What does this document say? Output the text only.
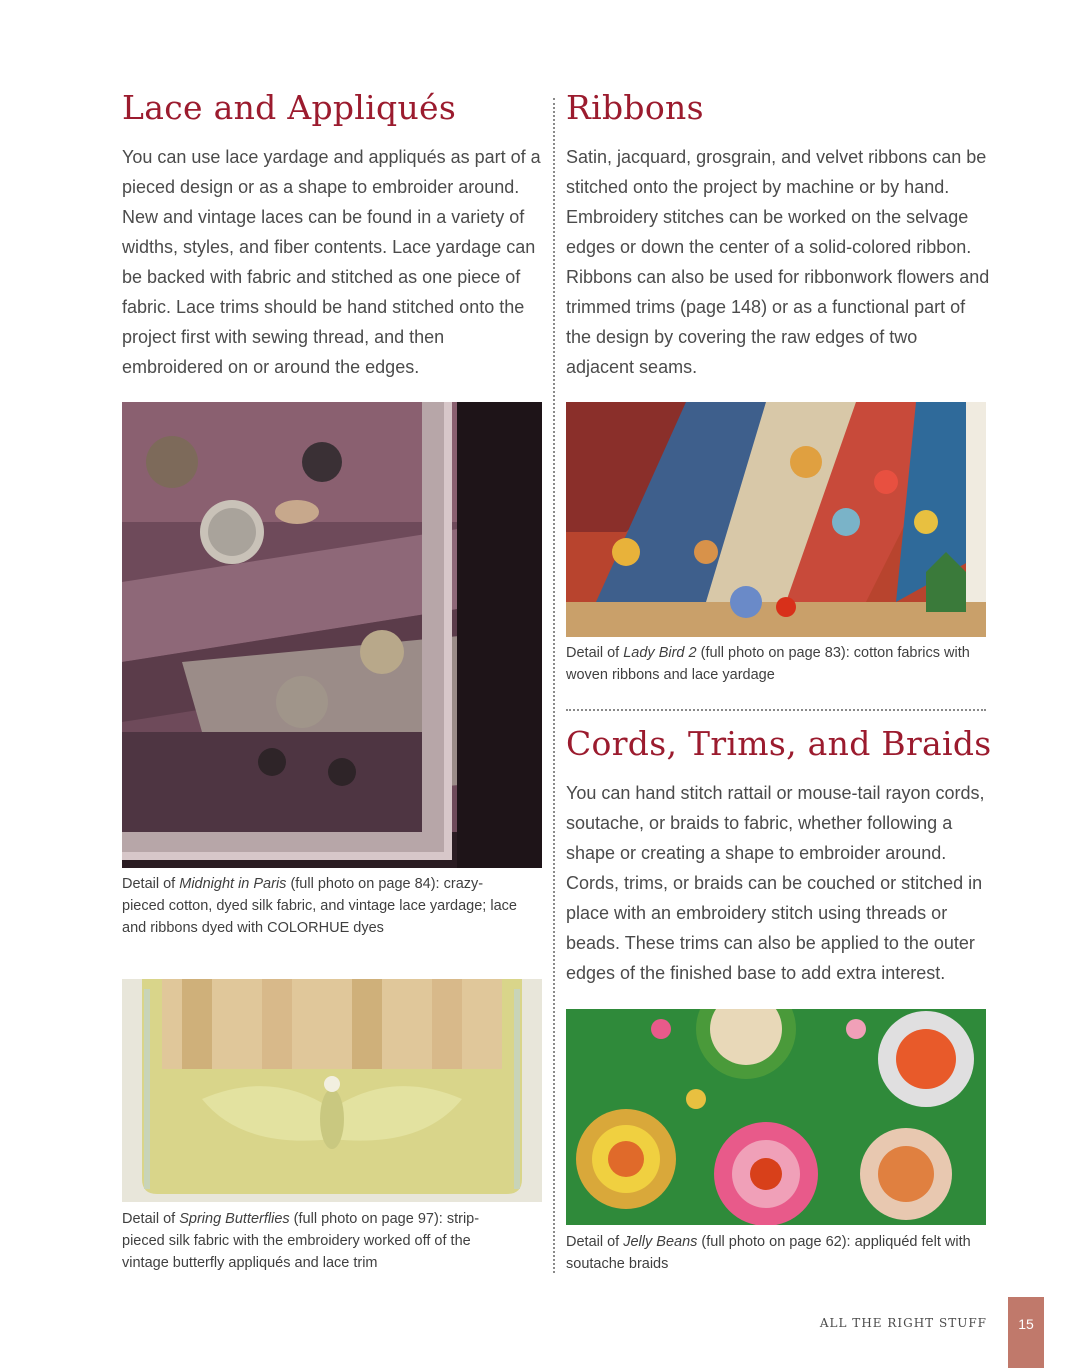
Lace and Appliqués

You can use lace yardage and appliqués as part of a pieced design or as a shape to embroider around. New and vintage laces can be found in a variety of widths, styles, and fiber contents. Lace yardage can be backed with fabric and stitched as one piece of fabric. Lace trims should be hand stitched onto the project first with sewing thread, and then embroidered on or around the edges.

Detail of Midnight in Paris (full photo on page 84): crazy-pieced cotton, dyed silk fabric, and vintage lace yardage; lace and ribbons dyed with COLORHUE dyes

Detail of Spring Butterflies (full photo on page 97): strip-pieced silk fabric with the embroidery worked off of the vintage butterfly appliqués and lace trim

Ribbons

Satin, jacquard, grosgrain, and velvet ribbons can be stitched onto the project by machine or by hand. Embroidery stitches can be worked on the selvage edges or down the center of a solid-colored ribbon. Ribbons can also be used for ribbonwork flowers and trimmed trims (page 148) or as a functional part of the design by covering the raw edges of two adjacent seams.

Detail of Lady Bird 2 (full photo on page 83): cotton fabrics with woven ribbons and lace yardage

Cords, Trims, and Braids

You can hand stitch rattail or mouse-tail rayon cords, soutache, or braids to fabric, whether following a shape or creating a shape to embroider around. Cords, trims, or braids can be couched or stitched in place with an embroidery stitch using threads or beads. These trims can also be applied to the outer edges of the finished base to add extra interest.

Detail of Jelly Beans (full photo on page 62): appliquéd felt with soutache braids

ALL THE RIGHT STUFF	15
